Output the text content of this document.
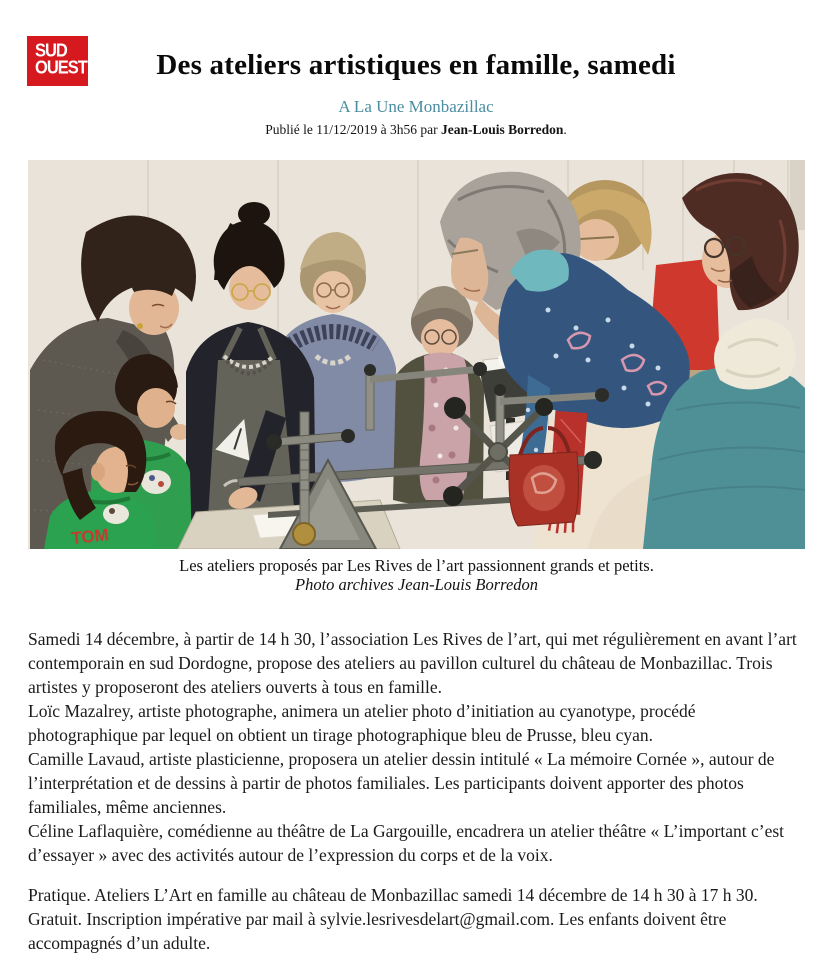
SUD
OUEST	Des ateliers artistiques en famille, samedi
A La Une Monbazillac
Publié le 11/12/2019 à 3h56 par Jean-Louis Borredon.
TOM
Les ateliers proposés par Les Rives de l’art passionnent grands et petits.
Photo archives Jean-Louis Borredon

Samedi 14 décembre, à partir de 14 h 30, l’association Les Rives de l’art, qui met régulièrement en avant l’art contemporain en sud Dordogne, propose des ateliers au pavillon culturel du château de Monbazillac. Trois artistes y proposeront des ateliers ouverts à tous en famille.

Loïc Mazalrey, artiste photographe, animera un atelier photo d’initiation au cyanotype, procédé photographique par lequel on obtient un tirage photographique bleu de Prusse, bleu cyan.

Camille Lavaud, artiste plasticienne, proposera un atelier dessin intitulé « La mémoire Cornée », autour de l’interprétation et de dessins à partir de photos familiales. Les participants doivent apporter des photos familiales, même anciennes.

Céline Laflaquière, comédienne au théâtre de La Gargouille, encadrera un atelier théâtre « L’important c’est d’essayer » avec des activités autour de l’expression du corps et de la voix.

Pratique. Ateliers L’Art en famille au château de Monbazillac samedi 14 décembre de 14 h 30 à 17 h 30. Gratuit. Inscription impérative par mail à sylvie.lesrivesdelart@gmail.com. Les enfants doivent être accompagnés d’un adulte.
